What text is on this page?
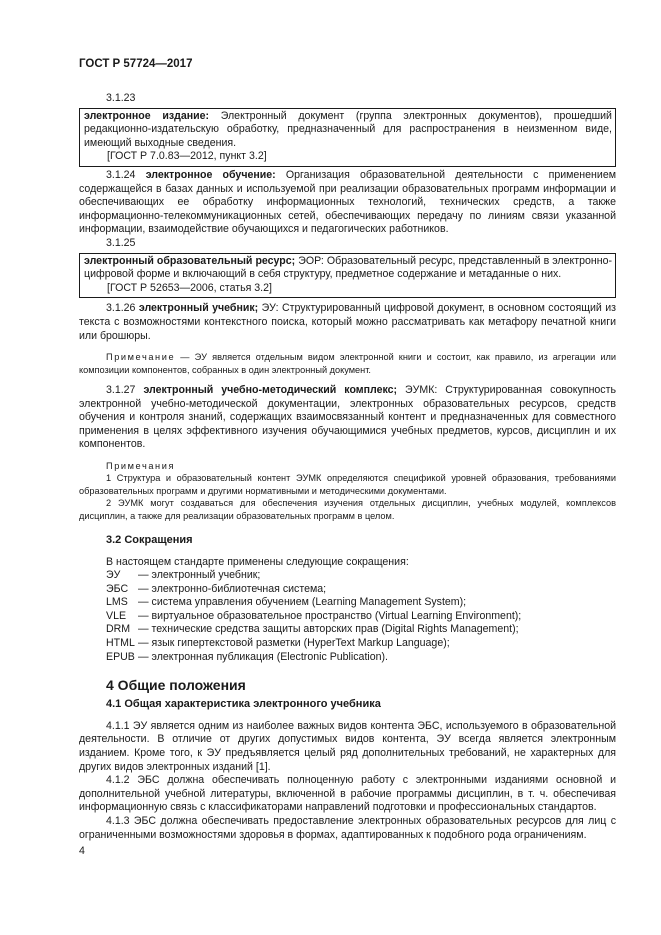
ГОСТ Р 57724—2017

3.1.23

электронное издание: Электронный документ (группа электронных документов), прошедший редакционно-издательскую обработку, предназначенный для распространения в неизменном виде, имеющий выходные сведения.

[ГОСТ Р 7.0.83—2012, пункт 3.2]

3.1.24 электронное обучение: Организация образовательной деятельности с применением содержащейся в базах данных и используемой при реализации образовательных программ информации и обеспечивающих ее обработку информационных технологий, технических средств, а также информационно-телекоммуникационных сетей, обеспечивающих передачу по линиям связи указанной информации, взаимодействие обучающихся и педагогических работников.

3.1.25

электронный образовательный ресурс; ЭОР: Образовательный ресурс, представленный в электронно-цифровой форме и включающий в себя структуру, предметное содержание и метаданные о них.

[ГОСТ Р 52653—2006, статья 3.2]

3.1.26 электронный учебник; ЭУ: Структурированный цифровой документ, в основном состоящий из текста с возможностями контекстного поиска, который можно рассматривать как метафору печатной книги или брошюры.

Примечание — ЭУ является отдельным видом электронной книги и состоит, как правило, из агрегации или композиции компонентов, собранных в один электронный документ.

3.1.27 электронный учебно-методический комплекс; ЭУМК: Структурированная совокупность электронной учебно-методической документации, электронных образовательных ресурсов, средств обучения и контроля знаний, содержащих взаимосвязанный контент и предназначенных для совместного применения в целях эффективного изучения обучающимися учебных предметов, курсов, дисциплин и их компонентов.

Примечания

1 Структура и образовательный контент ЭУМК определяются спецификой уровней образования, требованиями образовательных программ и другими нормативными и методическими документами.

2 ЭУМК могут создаваться для обеспечения изучения отдельных дисциплин, учебных модулей, комплексов дисциплин, а также для реализации образовательных программ в целом.

3.2 Сокращения

В настоящем стандарте применены следующие сокращения:

ЭУ	— электронный учебник;
ЭБС — электронно-библиотечная система;
LMS — система управления обучением (Learning Management System);
VLE	— виртуальное образовательное пространство (Virtual Learning Environment);
DRM — технические средства защиты авторских прав (Digital Rights Management);
HTML — язык гипертекстовой разметки (HyperText Markup Language);
EPUB — электронная публикация (Electronic Publication).

4 Общие положения

4.1 Общая характеристика электронного учебника

4.1.1 ЭУ является одним из наиболее важных видов контента ЭБС, используемого в образовательной деятельности. В отличие от других допустимых видов контента, ЭУ всегда является электронным изданием. Кроме того, к ЭУ предъявляется целый ряд дополнительных требований, не характерных для других видов электронных изданий [1].

4.1.2 ЭБС должна обеспечивать полноценную работу с электронными изданиями основной и дополнительной учебной литературы, включенной в рабочие программы дисциплин, в т. ч. обеспечивая информационную связь с классификаторами направлений подготовки и профессиональных стандартов.

4.1.3 ЭБС должна обеспечивать предоставление электронных образовательных ресурсов для лиц с ограниченными возможностями здоровья в формах, адаптированных к подобного рода ограничениям.

4
